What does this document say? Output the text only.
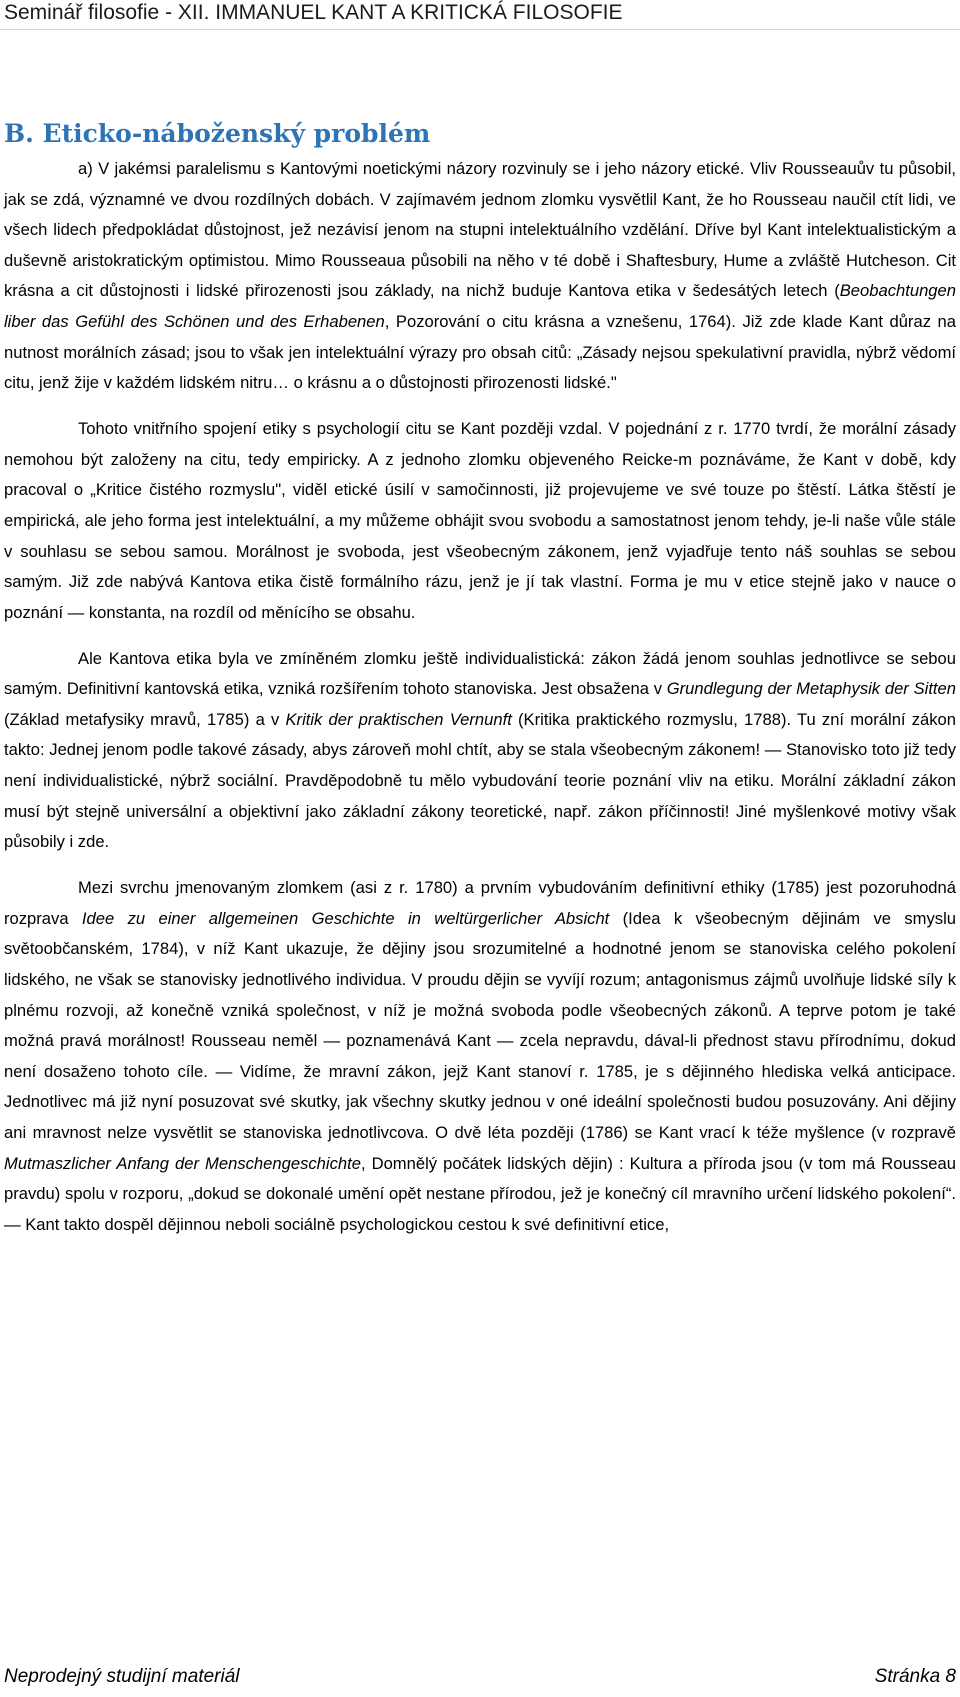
Seminář filosofie - XII. IMMANUEL KANT A KRITICKÁ FILOSOFIE
B. Eticko-náboženský problém

a) V jakémsi paralelismu s Kantovými noetickými názory rozvinuly se i jeho názory etické. Vliv Rousseauův tu působil, jak se zdá, významné ve dvou rozdílných dobách. V zajímavém jednom zlomku vysvětlil Kant, že ho Rousseau naučil ctít lidi, ve všech lidech předpokládat důstojnost, jež nezávisí jenom na stupni intelektuálního vzdělání. Dříve byl Kant intelektualistickým a duševně aristokratickým optimistou. Mimo Rousseaua působili na něho v té době i Shaftesbury, Hume a zvláště Hutcheson. Cit krásna a cit důstojnosti i lidské přirozenosti jsou základy, na nichž buduje Kantova etika v šedesátých letech (Beobachtungen liber das Gefühl des Schönen und des Erhabenen, Pozorování o citu krásna a vznešenu, 1764). Již zde klade Kant důraz na nutnost morálních zásad; jsou to však jen intelektuální výrazy pro obsah citů: „Zásady nejsou spekulativní pravidla, nýbrž vědomí citu, jenž žije v každém lidském nitru… o krásnu a o důstojnosti přirozenosti lidské."

Tohoto vnitřního spojení etiky s psychologií citu se Kant později vzdal. V pojednání z r. 1770 tvrdí, že morální zásady nemohou být založeny na citu, tedy empiricky. A z jednoho zlomku objeveného Reicke-m poznáváme, že Kant v době, kdy pracoval o „Kritice čistého rozmyslu", viděl etické úsilí v samočinnosti, již projevujeme ve své touze po štěstí. Látka štěstí je empirická, ale jeho forma jest intelektuální, a my můžeme obhájit svou svobodu a samostatnost jenom tehdy, je-li naše vůle stále v souhlasu se sebou samou. Morálnost je svoboda, jest všeobecným zákonem, jenž vyjadřuje tento náš souhlas se sebou samým. Již zde nabývá Kantova etika čistě formálního rázu, jenž je jí tak vlastní. Forma je mu v etice stejně jako v nauce o poznání — konstanta, na rozdíl od měnícího se obsahu.

Ale Kantova etika byla ve zmíněném zlomku ještě individualistická: zákon žádá jenom souhlas jednotlivce se sebou samým. Definitivní kantovská etika, vzniká rozšířením tohoto stanoviska. Jest obsažena v Grundlegung der Metaphysik der Sitten (Základ metafysiky mravů, 1785) a v Kritik der praktischen Vernunft (Kritika praktického rozmyslu, 1788). Tu zní morální zákon takto: Jednej jenom podle takové zásady, abys zároveň mohl chtít, aby se stala všeobecným zákonem! — Stanovisko toto již tedy není individualistické, nýbrž sociální. Pravděpodobně tu mělo vybudování teorie poznání vliv na etiku. Morální základní zákon musí být stejně universální a objektivní jako základní zákony teoretické, např. zákon příčinnosti! Jiné myšlenkové motivy však působily i zde.

Mezi svrchu jmenovaným zlomkem (asi z r. 1780) a prvním vybudováním definitivní ethiky (1785) jest pozoruhodná rozprava Idee zu einer allgemeinen Geschichte in weltürgerlicher Absicht (Idea k všeobecným dějinám ve smyslu světoobčanském, 1784), v níž Kant ukazuje, že dějiny jsou srozumitelné a hodnotné jenom se stanoviska celého pokolení lidského, ne však se stanovisky jednotlivého individua. V proudu dějin se vyvíjí rozum; antagonismus zájmů uvolňuje lidské síly k plnému rozvoji, až konečně vzniká společnost, v níž je možná svoboda podle všeobecných zákonů. A teprve potom je také možná pravá morálnost! Rousseau neměl — poznamenává Kant — zcela nepravdu, dával-li přednost stavu přírodnímu, dokud není dosaženo tohoto cíle. — Vidíme, že mravní zákon, jejž Kant stanoví r. 1785, je s dějinného hlediska velká anticipace. Jednotlivec má již nyní posuzovat své skutky, jak všechny skutky jednou v oné ideální společnosti budou posuzovány. Ani dějiny ani mravnost nelze vysvětlit se stanoviska jednotlivcova. O dvě léta později (1786) se Kant vrací k téže myšlence (v rozpravě Mutmaszlicher Anfang der Menschengeschichte, Domnělý počátek lidských dějin) : Kultura a příroda jsou (v tom má Rousseau pravdu) spolu v rozporu, „dokud se dokonalé umění opět nestane přírodou, jež je konečný cíl mravního určení lidského pokolení“. — Kant takto dospěl dějinnou neboli sociálně psychologickou cestou k své definitivní etice,

Neprodejný studijní materiál	Stránka 8
